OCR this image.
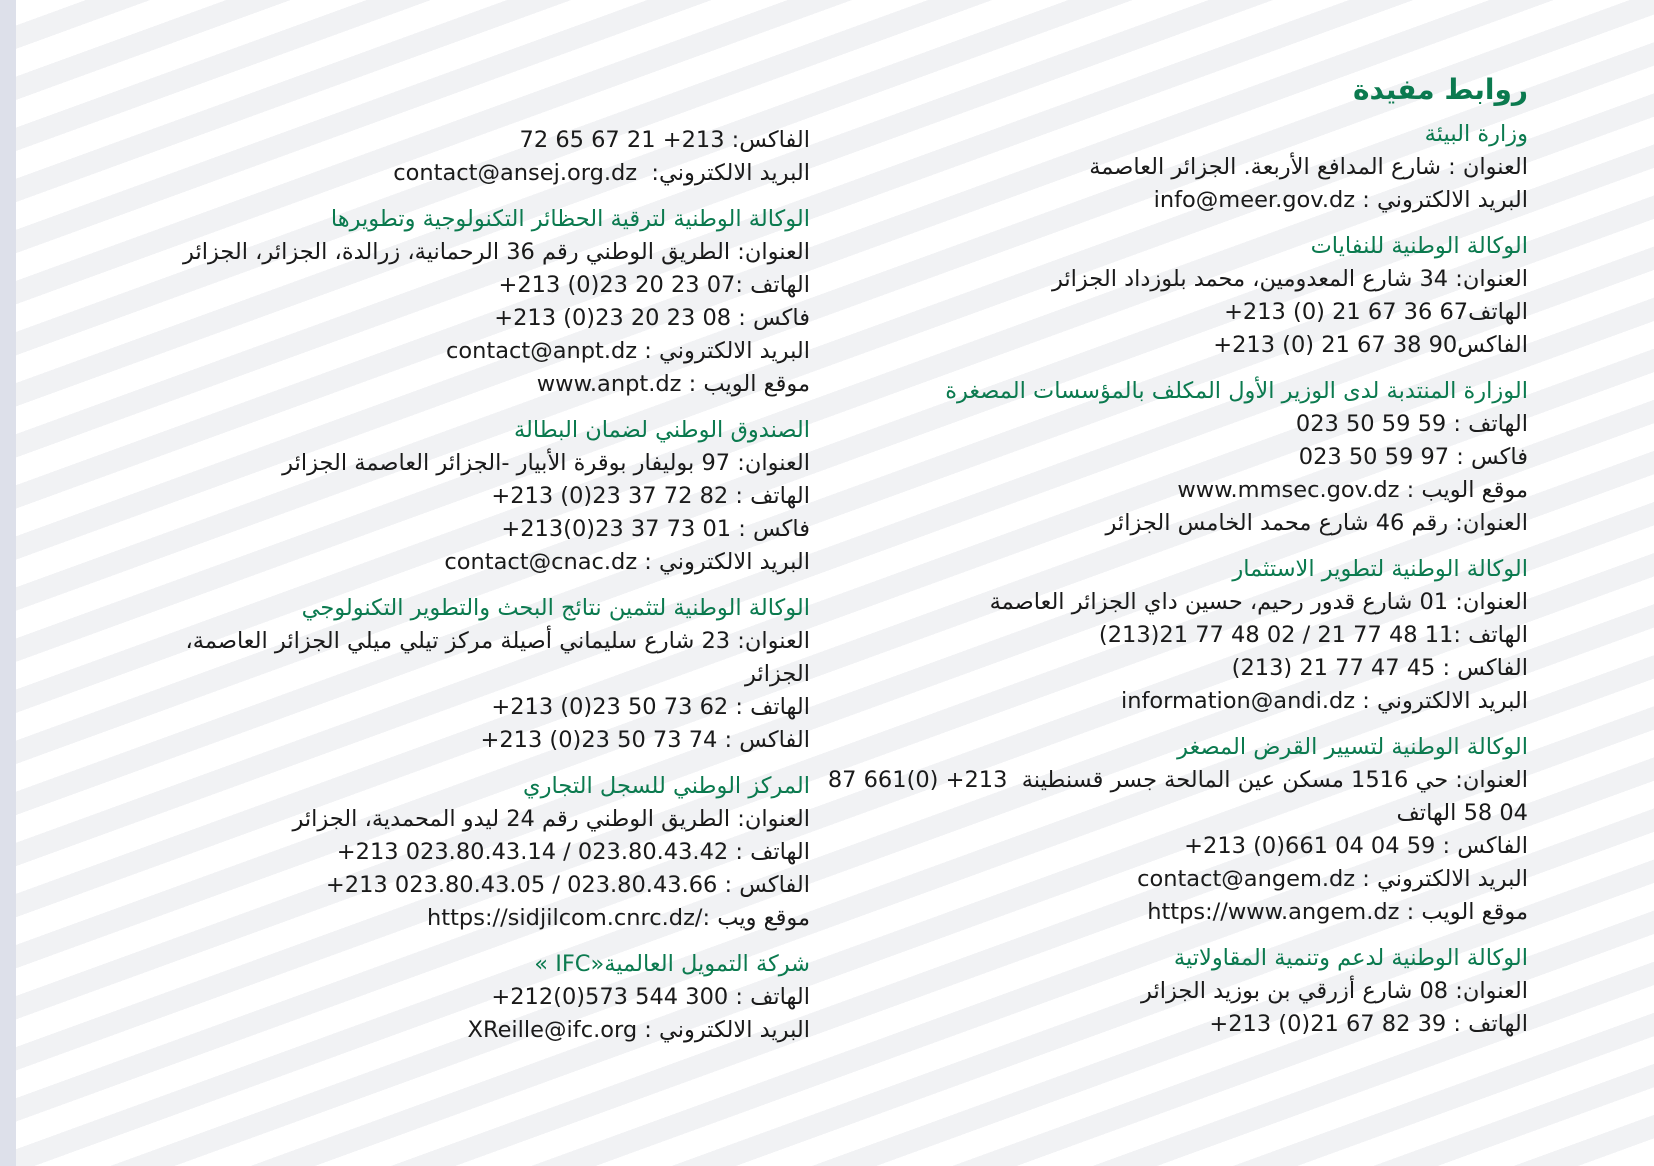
روابط مفيدة
وزارة البيئة
العنوان : شارع المدافع الأربعة. الجزائر العاصمة
البريد الالكتروني : info@meer.gov.dz
الوكالة الوطنية للنفايات
العنوان: 34 شارع المعدومين، محمد بلوزداد الجزائر
الهاتف67 36 67 21 (0) 213+
الفاكس90 38 67 21 (0) 213+
الوزارة المنتدبة لدى الوزير الأول المكلف بالمؤسسات المصغرة
الهاتف : 59 59 50 023
فاكس : 97 59 50 023
موقع الويب : www.mmsec.gov.dz
العنوان: رقم 46 شارع محمد الخامس الجزائر
الوكالة الوطنية لتطوير الاستثمار
العنوان: 01 شارع قدور رحيم، حسين داي الجزائر العاصمة
الهاتف :11 48 77 21 / 02 48 77 21(213)
الفاكس : 45 47 77 21 (213)
البريد الالكتروني : information@andi.dz
الوكالة الوطنية لتسيير القرض المصغر
العنوان: حي 1516 مسكن عين المالحة جسر قسنطينة  213+ (0)661 87 04 58 الهاتف
الفاكس : 59 04 04 661(0) 213+
البريد الالكتروني : contact@angem.dz
موقع الويب : https://www.angem.dz
الوكالة الوطنية لدعم وتنمية المقاولاتية
العنوان: 08 شارع أزرقي بن بوزيد الجزائر
الهاتف : 39 82 67 21(0) 213+
الفاكس: 213+ 21 67 65 72
البريد الالكتروني:  contact@ansej.org.dz
الوكالة الوطنية لترقية الحظائر التكنولوجية وتطويرها
العنوان: الطريق الوطني رقم 36 الرحمانية، زرالدة، الجزائر، الجزائر
الهاتف :07 23 20 23(0) 213+
فاكس : 08 23 20 23(0) 213+
البريد الالكتروني : contact@anpt.dz
موقع الويب : www.anpt.dz
الصندوق الوطني لضمان البطالة
العنوان: 97 بوليفار بوقرة الأبيار -الجزائر العاصمة الجزائر
الهاتف : 82 72 37 23(0) 213+
فاكس : 01 73 37 23(0)213+
البريد الالكتروني : contact@cnac.dz
الوكالة الوطنية لتثمين نتائج البحث والتطوير التكنولوجي
العنوان: 23 شارع سليماني أصيلة مركز تيلي ميلي الجزائر العاصمة، الجزائر
الهاتف : 62 73 50 23(0) 213+
الفاكس : 74 73 50 23(0) 213+
المركز الوطني للسجل التجاري
العنوان: الطريق الوطني رقم 24 ليدو المحمدية، الجزائر
الهاتف : 023.80.43.42 / 023.80.43.14 213+
الفاكس : 023.80.43.66 / 023.80.43.05 213+
موقع ويب :/https://sidjilcom.cnrc.dz
شركة التمويل العالمية«IFC »
الهاتف : 300 544 573(0)212+
البريد الالكتروني : XReille@ifc.org
